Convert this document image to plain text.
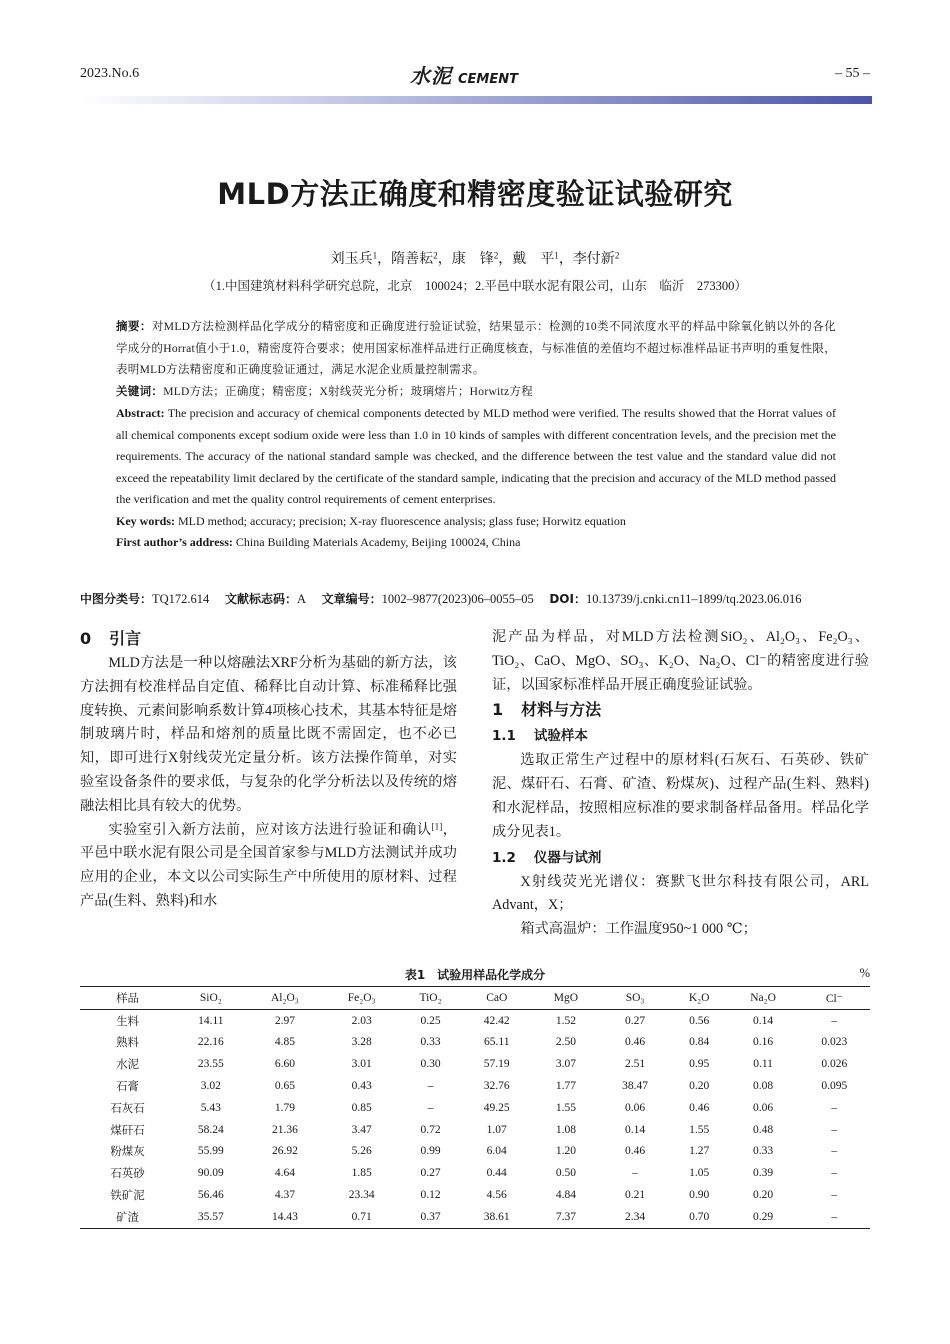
2023.No.6	水泥 CEMENT	– 55 –
MLD方法正确度和精密度验证试验研究
刘玉兵$^1$，隋善耘$^2$，康　锋$^2$，戴　平$^1$，李付新$^2$
（1.中国建筑材料科学研究总院，北京　100024；2.平邑中联水泥有限公司，山东　临沂　273300）

摘要：对MLD方法检测样品化学成分的精密度和正确度进行验证试验，结果显示：检测的10类不同浓度水平的样品中除氧化钠以外的各化学成分的Horrat值小于1.0，精密度符合要求；使用国家标准样品进行正确度核查，与标准值的差值均不超过标准样品证书声明的重复性限，表明MLD方法精密度和正确度验证通过，满足水泥企业质量控制需求。

关键词：MLD方法；正确度；精密度；X射线荧光分析；玻璃熔片；Horwitz方程

Abstract: The precision and accuracy of chemical components detected by MLD method were verified. The results showed that the Horrat values of all chemical components except sodium oxide were less than 1.0 in 10 kinds of samples with different concentration levels, and the precision met the requirements. The accuracy of the national standard sample was checked, and the difference between the test value and the standard value did not exceed the repeatability limit declared by the certificate of the standard sample, indicating that the precision and accuracy of the MLD method passed the verification and met the quality control requirements of cement enterprises.

Key words: MLD method; accuracy; precision; X-ray fluorescence analysis; glass fuse; Horwitz equation

First author’s address: China Building Materials Academy, Beijing 100024, China

中图分类号：TQ172.614 文献标志码：A 文章编号：1002–9877(2023)06–0055–05 DOI：10.13739/j.cnki.cn11–1899/tq.2023.06.016
0 引言

MLD方法是一种以熔融法XRF分析为基础的新方法，该方法拥有校准样品自定值、稀释比自动计算、标准稀释比强度转换、元素间影响系数计算4项核心技术，其基本特征是熔制玻璃片时，样品和熔剂的质量比既不需固定，也不必已知，即可进行X射线荧光定量分析。该方法操作简单，对实验室设备条件的要求低，与复杂的化学分析法以及传统的熔融法相比具有较大的优势。

实验室引入新方法前，应对该方法进行验证和确认[1]，平邑中联水泥有限公司是全国首家参与MLD方法测试并成功应用的企业，本文以公司实际生产中所使用的原材料、过程产品(生料、熟料)和水

泥产品为样品，对MLD方法检测SiO₂、Al₂O₃、Fe₂O₃、TiO₂、CaO、MgO、SO₃、K₂O、Na₂O、Cl⁻的精密度进行验证，以国家标准样品开展正确度验证试验。

1 材料与方法
1.1 试验样本

选取正常生产过程中的原材料(石灰石、石英砂、铁矿泥、煤矸石、石膏、矿渣、粉煤灰)、过程产品(生料、熟料)和水泥样品，按照相应标准的要求制备样品备用。样品化学成分见表1。

1.2 仪器与试剂

X射线荧光光谱仪：赛默飞世尔科技有限公司，ARL Advant，X；

箱式高温炉：工作温度950~1 000 ℃；

表1　试验用样品化学成分	%
样品	SiO₂	Al₂O₃	Fe₂O₃	TiO₂	CaO	MgO	SO₃	K₂O	Na₂O	Cl⁻
生料	14.11	2.97	2.03	0.25	42.42	1.52	0.27	0.56	0.14	–
熟料	22.16	4.85	3.28	0.33	65.11	2.50	0.46	0.84	0.16	0.023
水泥	23.55	6.60	3.01	0.30	57.19	3.07	2.51	0.95	0.11	0.026
石膏	3.02	0.65	0.43	–	32.76	1.77	38.47	0.20	0.08	0.095
石灰石	5.43	1.79	0.85	–	49.25	1.55	0.06	0.46	0.06	–
煤矸石	58.24	21.36	3.47	0.72	1.07	1.08	0.14	1.55	0.48	–
粉煤灰	55.99	26.92	5.26	0.99	6.04	1.20	0.46	1.27	0.33	–
石英砂	90.09	4.64	1.85	0.27	0.44	0.50	–	1.05	0.39	–
铁矿泥	56.46	4.37	23.34	0.12	4.56	4.84	0.21	0.90	0.20	–
矿渣	35.57	14.43	0.71	0.37	38.61	7.37	2.34	0.70	0.29	–
